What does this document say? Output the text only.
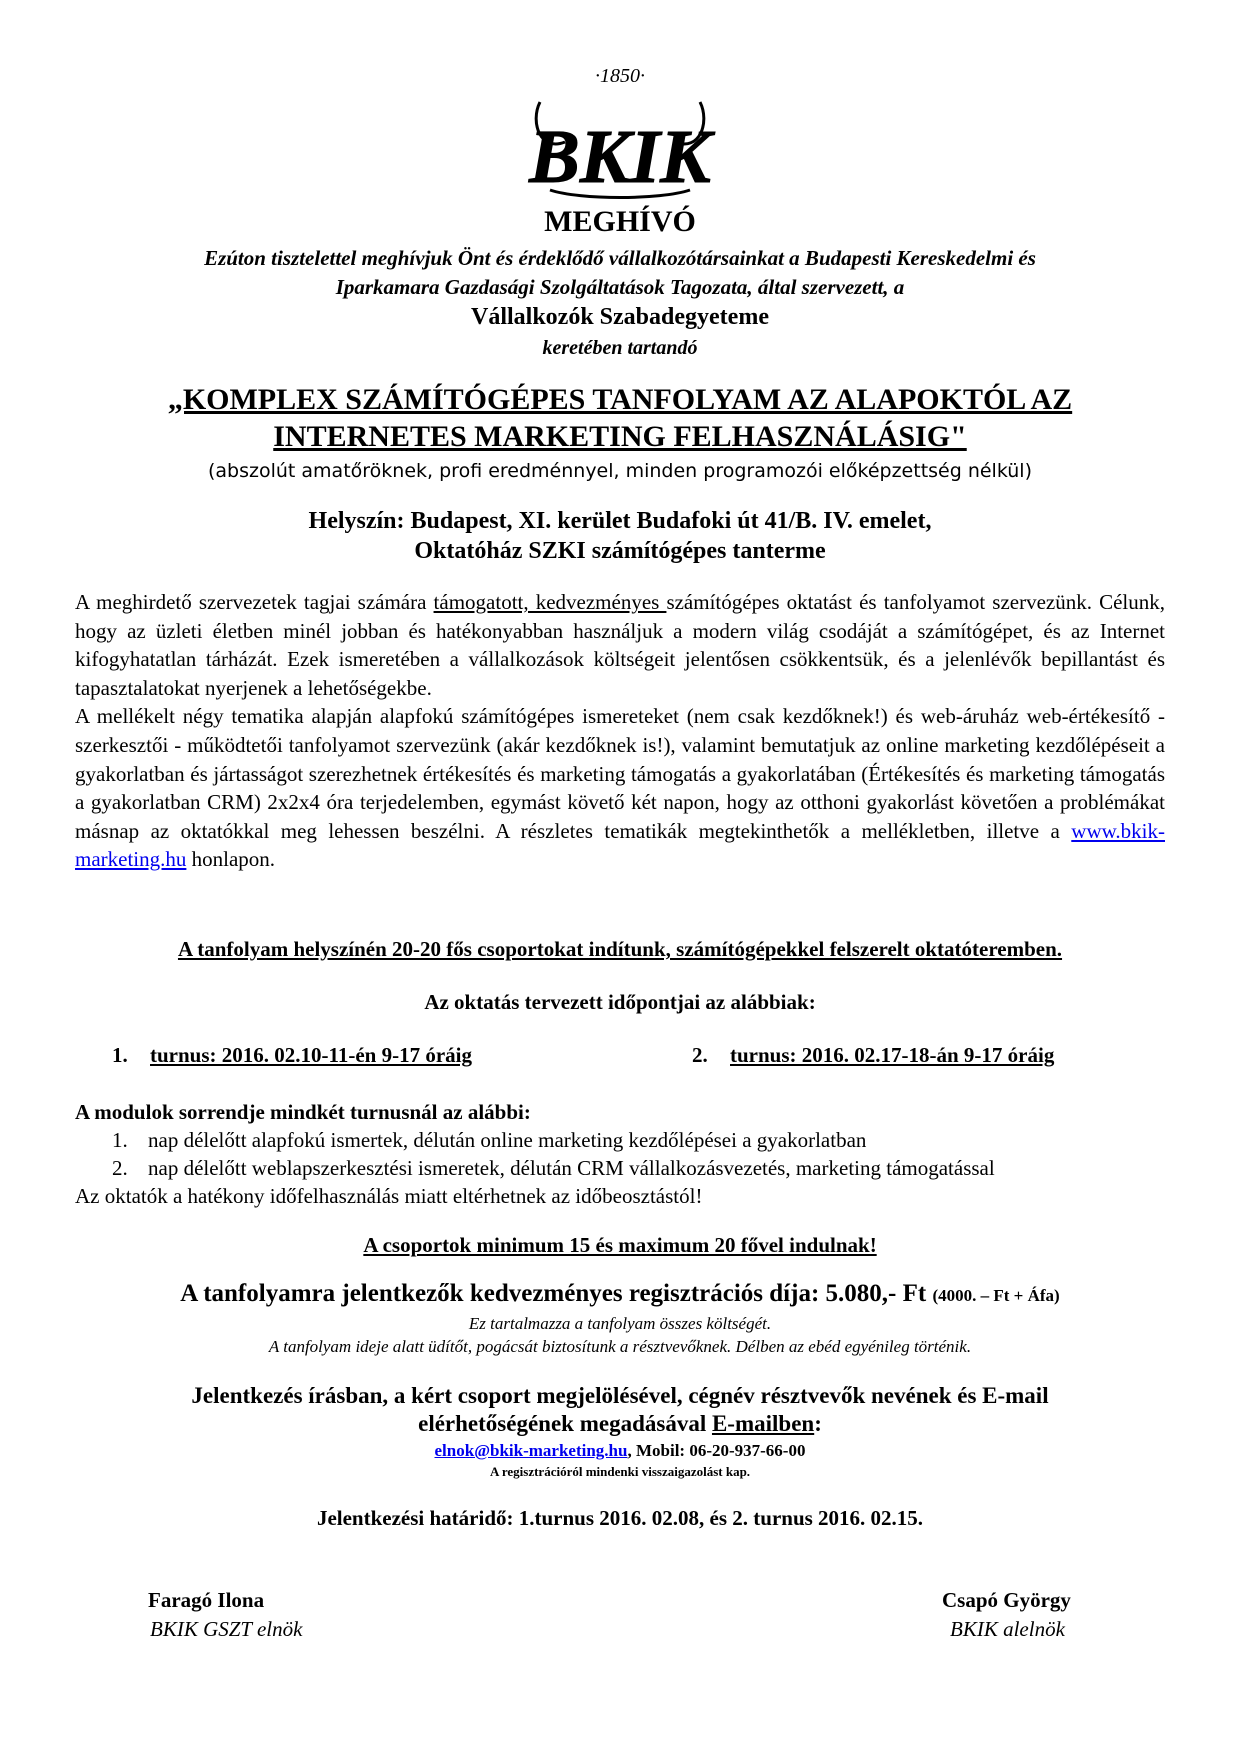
·1850·
BKIK
MEGHÍVÓ
Ezúton tisztelettel meghívjuk Önt és érdeklődő vállalkozótársainkat a Budapesti Kereskedelmi és
Iparkamara Gazdasági Szolgáltatások Tagozata, által szervezett, a
Vállalkozók Szabadegyeteme
keretében tartandó
„KOMPLEX SZÁMÍTÓGÉPES TANFOLYAM AZ ALAPOKTÓL AZ
INTERNETES MARKETING FELHASZNÁLÁSIG"
(abszolút amatőröknek, profi eredménnyel, minden programozói előképzettség nélkül)
Helyszín: Budapest, XI. kerület Budafoki út 41/B. IV. emelet,
Oktatóház SZKI számítógépes tanterme
A meghirdető szervezetek tagjai számára támogatott, kedvezményes számítógépes oktatást és tanfolyamot szervezünk. Célunk, hogy az üzleti életben minél jobban és hatékonyabban használjuk a modern világ csodáját a számítógépet, és az Internet kifogyhatatlan tárházát. Ezek ismeretében a vállalkozások költségeit jelentősen csökkentsük, és a jelenlévők bepillantást és tapasztalatokat nyerjenek a lehetőségekbe.
A mellékelt négy tematika alapján alapfokú számítógépes ismereteket (nem csak kezdőknek!) és web-áruház web-értékesítő - szerkesztői - működtetői tanfolyamot szervezünk (akár kezdőknek is!), valamint bemutatjuk az online marketing kezdőlépéseit a gyakorlatban és jártasságot szerezhetnek értékesítés és marketing támogatás a gyakorlatában (Értékesítés és marketing támogatás a gyakorlatban CRM) 2x2x4 óra terjedelemben, egymást követő két napon, hogy az otthoni gyakorlást követően a problémákat másnap az oktatókkal meg lehessen beszélni. A részletes tematikák megtekinthetők a mellékletben, illetve a www.bkik-marketing.hu honlapon.
A tanfolyam helyszínén 20-20 fős csoportokat indítunk, számítógépekkel felszerelt oktatóteremben.
Az oktatás tervezett időpontjai az alábbiak:
1. turnus: 2016. 02.10-11-én 9-17 óráig	2. turnus: 2016. 02.17-18-án 9-17 óráig
A modulok sorrendje mindkét turnusnál az alábbi:
1. nap délelőtt alapfokú ismertek, délután online marketing kezdőlépései a gyakorlatban
2. nap délelőtt weblapszerkesztési ismeretek, délután CRM vállalkozásvezetés, marketing támogatással
Az oktatók a hatékony időfelhasználás miatt eltérhetnek az időbeosztástól!
A csoportok minimum 15 és maximum 20 fővel indulnak!
A tanfolyamra jelentkezők kedvezményes regisztrációs díja: 5.080,- Ft (4000. – Ft + Áfa)
Ez tartalmazza a tanfolyam összes költségét.
A tanfolyam ideje alatt üdítőt, pogácsát biztosítunk a résztvevőknek. Délben az ebéd egyénileg történik.
Jelentkezés írásban, a kért csoport megjelölésével, cégnév résztvevők nevének és E-mail
elérhetőségének megadásával E-mailben:
elnok@bkik-marketing.hu, Mobil: 06-20-937-66-00
A regisztrációról mindenki visszaigazolást kap.
Jelentkezési határidő: 1.turnus 2016. 02.08, és 2. turnus 2016. 02.15.
Faragó Ilona
BKIK GSZT elnök
Csapó György
BKIK alelnök
